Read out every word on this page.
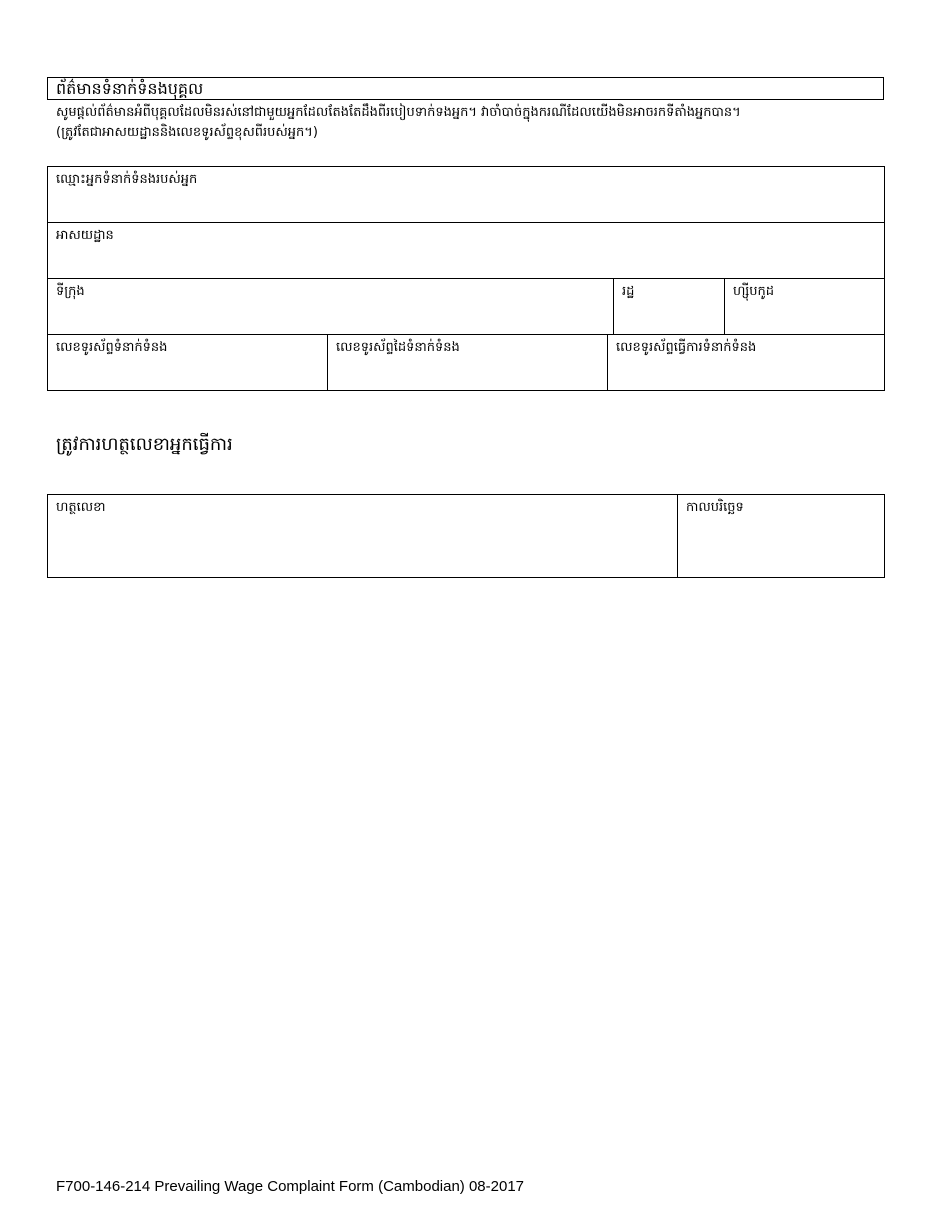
ព័ត៌មានទំនាក់ទំនងបុគ្គល
សូមផ្តល់ព័ត៌មានអំពីបុគ្គលដែលមិនរស់នៅជាមួយអ្នកដែលតែងតែដឹងពីរបៀបទាក់ទងអ្នក។ វាចាំបាច់ក្នុងករណីដែលយើងមិនអាចរកទីតាំងអ្នកបាន។
(ត្រូវតែជាអាសយដ្ឋាននិងលេខទូរស័ព្ទខុសពីរបស់អ្នក។)
ឈ្មោះអ្នកទំនាក់ទំនងរបស់អ្នក
អាសយដ្ឋាន
ទីក្រុង	រដ្ឋ	ហ្ស៊ីបកូដ
លេខទូរស័ព្ទទំនាក់ទំនង	លេខទូរស័ព្ទដៃទំនាក់ទំនង	លេខទូរស័ព្ទធ្វើការទំនាក់ទំនង
ត្រូវការហត្ថលេខាអ្នកធ្វើការ
ហត្ថលេខា	កាលបរិច្ឆេទ
F700-146-214 Prevailing Wage Complaint Form (Cambodian) 08-2017
